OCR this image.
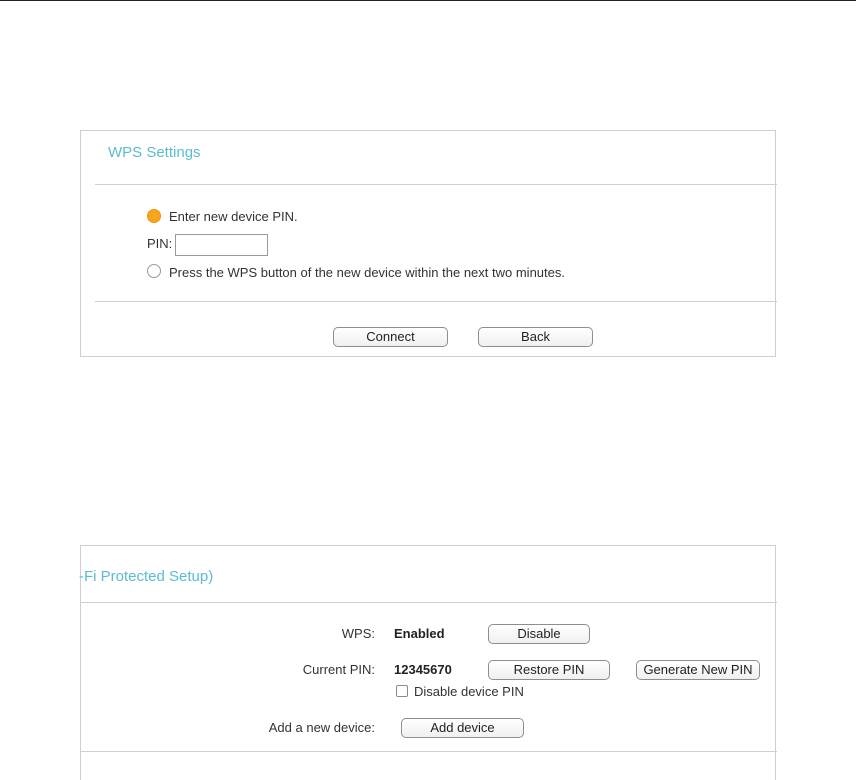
WPS Settings
Enter new device PIN.
PIN:
Press the WPS button of the new device within the next two minutes.
Connect	Back
-Fi Protected Setup)
WPS: Enabled	Disable
Current PIN: 12345670	Restore PIN	Generate New PIN
Disable device PIN
Add a new device:	Add device
